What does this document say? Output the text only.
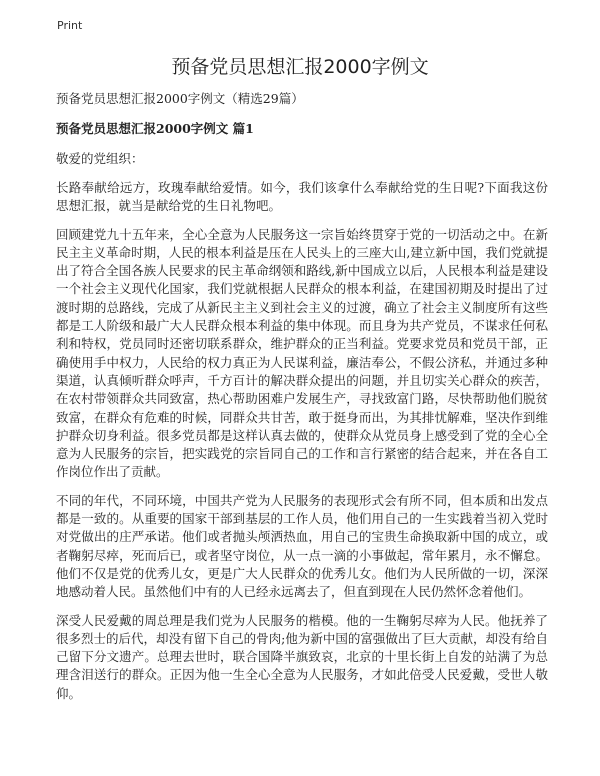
Print
预备党员思想汇报2000字例文
预备党员思想汇报2000字例文（精选29篇）
预备党员思想汇报2000字例文 篇1
敬爱的党组织：

长路奉献给远方，玫瑰奉献给爱情。如今，我们该拿什么奉献给党的生日呢?下面我这份思想汇报，就当是献给党的生日礼物吧。

回顾建党九十五年来，全心全意为人民服务这一宗旨始终贯穿于党的一切活动之中。在新民主主义革命时期，人民的根本利益是压在人民头上的三座大山,建立新中国，我们党就提出了符合全国各族人民要求的民主革命纲领和路线,新中国成立以后，人民根本利益是建设一个社会主义现代化国家，我们党就根据人民群众的根本利益，在建国初期及时提出了过渡时期的总路线，完成了从新民主主义到社会主义的过渡，确立了社会主义制度所有这些都是工人阶级和最广大人民群众根本利益的集中体现。而且身为共产党员，不谋求任何私利和特权，党员同时还密切联系群众，维护群众的正当利益。党要求党员和党员干部，正确使用手中权力，人民给的权力真正为人民谋利益，廉洁奉公，不假公济私，并通过多种渠道，认真倾听群众呼声，千方百计的解决群众提出的问题，并且切实关心群众的疾苦，在农村带领群众共同致富，热心帮助困难户发展生产，寻找致富门路，尽快帮助他们脱贫致富，在群众有危难的时候，同群众共甘苦，敢于挺身而出，为其排忧解难，坚决作到维护群众切身利益。很多党员都是这样认真去做的，使群众从党员身上感受到了党的全心全意为人民服务的宗旨，把实践党的宗旨同自己的工作和言行紧密的结合起来，并在各自工作岗位作出了贡献。

不同的年代，不同环境，中国共产党为人民服务的表现形式会有所不同，但本质和出发点都是一致的。从重要的国家干部到基层的工作人员，他们用自己的一生实践着当初入党时对党做出的庄严承诺。他们或者抛头颅洒热血，用自己的宝贵生命换取新中国的成立，或者鞠躬尽瘁，死而后已，或者坚守岗位，从一点一滴的小事做起，常年累月，永不懈怠。他们不仅是党的优秀儿女，更是广大人民群众的优秀儿女。他们为人民所做的一切，深深地感动着人民。虽然他们中有的人已经永远离去了，但直到现在人民仍然怀念着他们。

深受人民爱戴的周总理是我们党为人民服务的楷模。他的一生鞠躬尽瘁为人民。他抚养了很多烈士的后代，却没有留下自己的骨肉;他为新中国的富强做出了巨大贡献，却没有给自己留下分文遗产。总理去世时，联合国降半旗致哀，北京的十里长街上自发的站满了为总理含泪送行的群众。正因为他一生全心全意为人民服务，才如此倍受人民爱戴，受世人敬仰。
